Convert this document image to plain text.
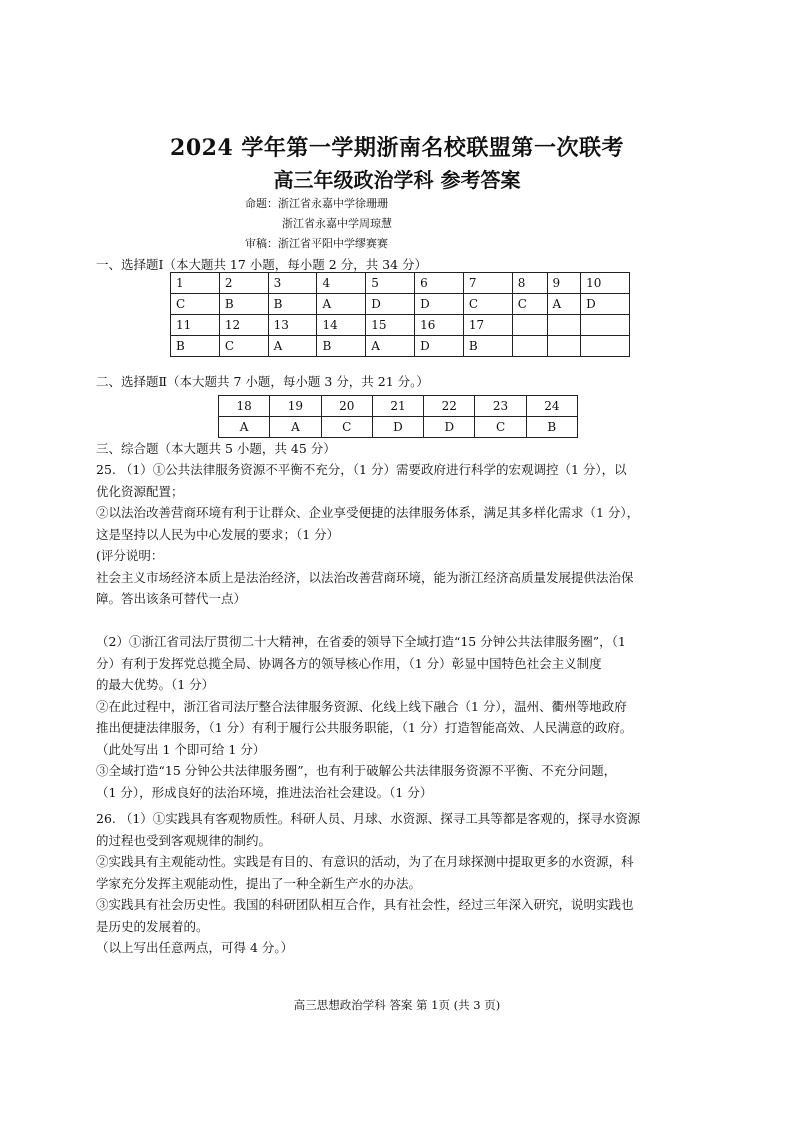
2024 学年第一学期浙南名校联盟第一次联考
高三年级政治学科 参考答案
命题：浙江省永嘉中学徐珊珊
浙江省永嘉中学周琼慧
审稿：浙江省平阳中学缪赛赛
一、选择题Ⅰ（本大题共 17 小题，每小题 2 分，共 34 分）
1	2	3	4	5	6	7	8	9	10
C	B	B	A	D	D	C	C	A	D
11	12	13	14	15	16	17			
B	C	A	B	A	D	B			
二、选择题Ⅱ（本大题共 7 小题，每小题 3 分，共 21 分。）
18	19	20	21	22	23	24
A	A	C	D	D	C	B
三、综合题（本大题共 5 小题，共 45 分）

25. （1）①公共法律服务资源不平衡不充分，（1 分）需要政府进行科学的宏观调控（1 分），以

优化资源配置；

②以法治改善营商环境有利于让群众、企业享受便捷的法律服务体系，满足其多样化需求（1 分），

这是坚持以人民为中心发展的要求；（1 分）

(评分说明：

社会主义市场经济本质上是法治经济，以法治改善营商环境，能为浙江经济高质量发展提供法治保

障。答出该条可替代一点）

（2）①浙江省司法厅贯彻二十大精神，在省委的领导下全域打造“15 分钟公共法律服务圈”，（1

分）有利于发挥党总揽全局、协调各方的领导核心作用，（1 分）彰显中国特色社会主义制度

的最大优势。（1 分）

②在此过程中，浙江省司法厅整合法律服务资源、化线上线下融合（1 分），温州、衢州等地政府

推出便捷法律服务，（1 分）有利于履行公共服务职能，（1 分）打造智能高效、人民满意的政府。

（此处写出 1 个即可给 1 分）

③全域打造“15 分钟公共法律服务圈”，也有利于破解公共法律服务资源不平衡、不充分问题，

（1 分），形成良好的法治环境，推进法治社会建设。（1 分）

26. （1）①实践具有客观物质性。科研人员、月球、水资源、探寻工具等都是客观的，探寻水资源

的过程也受到客观规律的制约。

②实践具有主观能动性。实践是有目的、有意识的活动，为了在月球探测中提取更多的水资源，科

学家充分发挥主观能动性，提出了一种全新生产水的办法。

③实践具有社会历史性。我国的科研团队相互合作，具有社会性，经过三年深入研究，说明实践也

是历史的发展着的。

（以上写出任意两点，可得 4 分。）

高三思想政治学科 答案 第 1页 (共 3 页)
